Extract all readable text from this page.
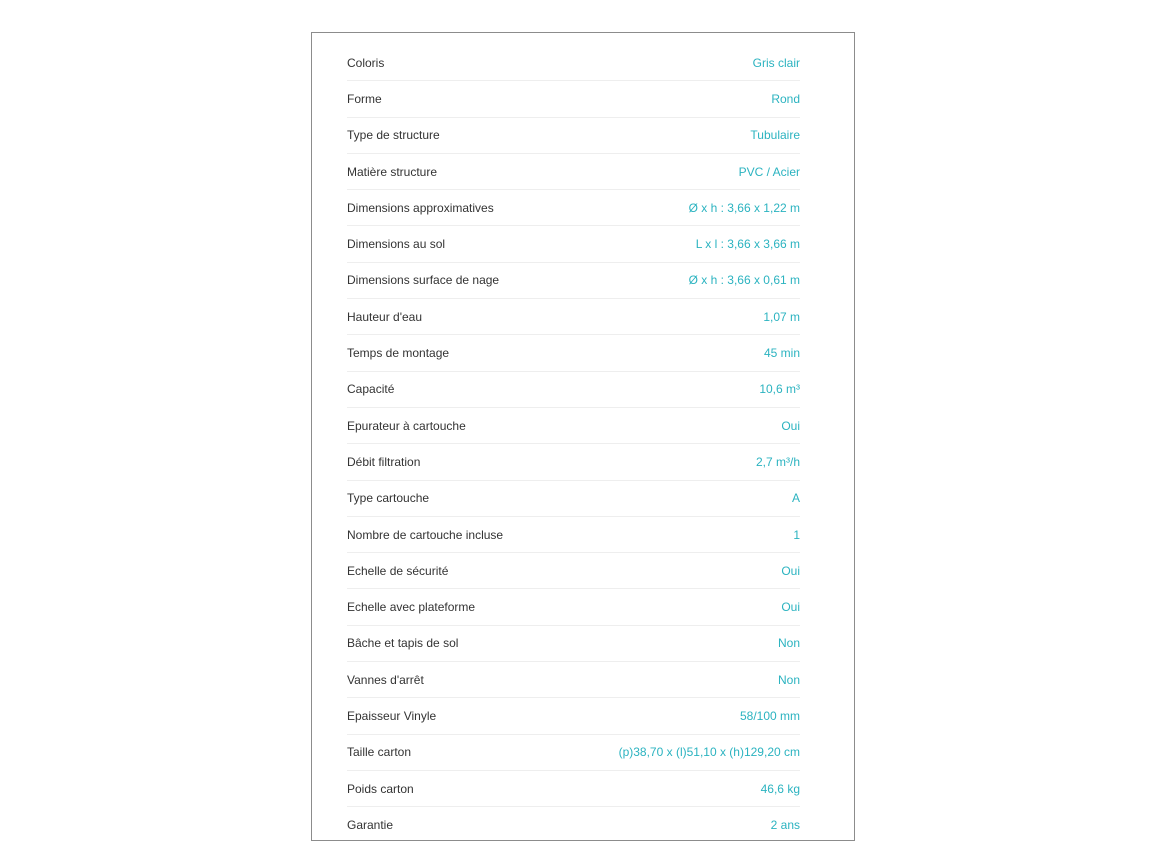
Coloris	Gris clair
Forme	Rond
Type de structure	Tubulaire
Matière structure	PVC / Acier
Dimensions approximatives	Ø x h : 3,66 x 1,22 m
Dimensions au sol	L x l : 3,66 x 3,66 m
Dimensions surface de nage	Ø x h : 3,66 x 0,61 m
Hauteur d'eau	1,07 m
Temps de montage	45 min
Capacité	10,6 m³
Epurateur à cartouche	Oui
Débit filtration	2,7 m³/h
Type cartouche	A
Nombre de cartouche incluse	1
Echelle de sécurité	Oui
Echelle avec plateforme	Oui
Bâche et tapis de sol	Non
Vannes d'arrêt	Non
Epaisseur Vinyle	58/100 mm
Taille carton	(p)38,70 x (l)51,10 x (h)129,20 cm
Poids carton	46,6 kg
Garantie	2 ans
